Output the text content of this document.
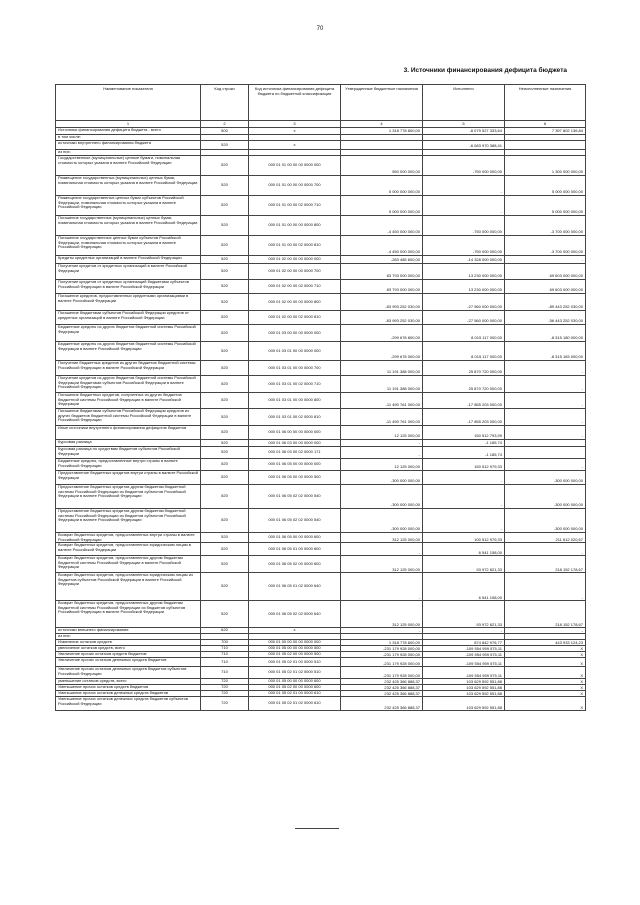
70
3. Источники финансирования дефицита бюджета
Наименование показателя	Код строки	Код источника финансирования дефицита бюджета по бюджетной классификации	Утвержденные бюджетные назначения	Исполнено	Неисполненные назначения
1	2	3	4	5	6
Источники финансирования дефицита бюджета - всего	500	x	1 318 778 800,00	-6 079 527 333,64	7 397 802 136,84
в том числе:					
источники внутреннего финансирования бюджета	520	x		-6 083 970 388,41	
из них:					
Государственные (муниципальные) ценные бумаги, номинальная стоимость которых указана в валюте Российской Федерации	520	000 01 01 00 00 00 0000 000	550 000 000,00	-750 000 000,00	1 300 000 000,00
Размещение государственных (муниципальных) ценных бумаг, номинальная стоимость которых указана в валюте Российской Федерации	520	000 01 01 00 00 00 0000 700	5 000 000 000,00	-	5 000 000 000,00
Размещение государственных ценных бумаг субъектов Российской Федерации, номинальная стоимость которых указана в валюте Российской Федерации	520	000 01 01 00 00 02 0000 710	5 000 000 000,00	-	5 000 000 000,00
Погашение государственных (муниципальных) ценных бумаг, номинальная стоимость которых указана в валюте Российской Федерации	520	000 01 01 00 00 00 0000 800	-4 450 000 000,00	-750 000 000,00	-3 700 000 000,00
Погашение государственных ценных бумаг субъектов Российской Федерации, номинальная стоимость которых указана в валюте Российской Федерации	520	000 01 01 00 00 02 0000 810	-4 450 000 000,00	-750 000 000,00	-3 700 000 000,00
Кредиты кредитных организаций в валюте Российской Федерации	520	000 01 02 00 00 00 0000 000	-283 485 600,00	-14 328 000 000,00	-
Получение кредитов от кредитных организаций в валюте Российской Федерации	520	000 01 02 00 00 00 0000 700	83 793 000 000,00	13 230 000 000,00	69 603 000 000,00
Получение кредитов от кредитных организаций бюджетами субъектов Российской Федерации в валюте Российской Федерации	520	000 01 02 00 00 02 0000 710	83 793 000 000,00	13 230 000 000,00	69 603 000 000,00
Погашение кредитов, предоставленных кредитными организациями в валюте Российской Федерации	520	000 01 02 00 00 00 0000 800	-83 993 252 030,00	-27 560 000 000,00	-89 443 252 030,00
Погашение бюджетами субъектов Российской Федерации кредитов от кредитных организаций в валюте Российской Федерации	520	000 01 02 00 00 02 0000 810	-83 993 252 030,00	-27 560 000 000,00	-56 443 252 030,00
Бюджетные кредиты из других бюджетов бюджетной системы Российской Федерации	520	000 01 03 00 00 00 0000 000	-299 678 800,00	8 015 117 000,00	-8 315 180 000,00
Бюджетные кредиты из других бюджетов бюджетной системы Российской Федерации в валюте Российской Федерации	520	000 01 03 01 00 00 0000 000	-299 678 000,00	8 015 117 000,00	-8 315 183 000,00
Получение бюджетных кредитов из других бюджетов бюджетной системы Российской Федерации в валюте Российской Федерации	520	000 01 03 01 00 00 0000 700	11 191 388 000,00	25 870 720 000,00	-
Получение кредитов из других бюджетов бюджетной системы Российской Федерации бюджетами субъектов Российской Федерации в валюте Российской Федерации	520	000 01 03 01 00 02 0000 710	11 191 388 000,00	25 870 720 000,00	-
Погашение бюджетных кредитов, полученных из других бюджетов бюджетной системы Российской Федерации в валюте Российской Федерации	520	000 01 03 01 00 00 0000 800	-11 490 761 000,00	-17 855 203 000,00	-
Погашение бюджетами субъектов Российской Федерации кредитов из других бюджетов бюджетной системы Российской Федерации в валюте Российской Федерации	520	000 01 03 01 00 02 0000 810	-11 490 761 000,00	-17 855 203 000,00	-
Иные источники внутреннего финансирования дефицитов бюджетов	520	000 01 06 00 00 00 0000 000	12 125 000,00	150 512 793,59	-
Курсовая разница	520	000 01 06 03 00 00 0000 000	-	-1 185,74	
Курсовая разница по средствам бюджетов субъектов Российской Федерации	520	000 01 06 03 00 02 0000 171	-	-1 185,74	
Бюджетные кредиты, предоставленные внутри страны в валюте Российской Федерации	520	000 01 06 05 00 00 0000 000	12 125 000,00	150 512 979,33	-
Предоставление бюджетных кредитов внутри страны в валюте Российской Федерации	520	000 01 06 05 00 00 0000 500	-300 000 000,00	-	-300 000 000,00
Предоставление бюджетных кредитов другим бюджетам бюджетной системы Российской Федерации из бюджетов субъектов Российской Федерации в валюте Российской Федерации	520	000 01 06 05 02 02 0000 540	-300 000 000,00	-	-300 000 000,00
Предоставление бюджетных кредитов другим бюджетам бюджетной системы Российской Федерации из бюджетов субъектов Российской Федерации в валюте Российской Федерации	520	000 01 06 05 02 02 0000 540	-300 000 000,00	-	-300 000 000,00
Возврат бюджетных кредитов, предоставленных внутри страны в валюте Российской Федерации	520	000 01 06 05 00 00 0000 600	312 125 000,00	100 512 979,33	211 612 020,67
Возврат бюджетных кредитов, предоставленных юридическим лицам в валюте Российской Федерации	520	000 01 06 05 01 00 0000 600	-	6 541 158,00	-
Возврат бюджетных кредитов, предоставленных другим бюджетам бюджетной системы Российской Федерации в валюте Российской Федерации	520	000 01 06 05 02 00 0000 600	312 125 000,00	93 972 821,33	218 152 178,67
Возврат бюджетных кредитов, предоставленных юридическим лицам из бюджетов субъектов Российской Федерации в валюте Российской Федерации	520	000 01 06 05 01 02 0000 640	-	6 541 158,00	-
Возврат бюджетных кредитов, предоставленных другим бюджетам бюджетной системы Российской Федерации из бюджетов субъектов Российской Федерации в валюте Российской Федерации	520	000 01 06 05 02 02 0000 640	312 125 000,00	93 972 821,33	218 152 178,67
источники внешнего финансирования	620	x	-	-	-
из них:					
Изменение остатков средств	700	000 01 00 00 00 00 0000 000	1 318 778 800,00	874 842 976,77	443 933 124,23
увеличение остатков средств, всего	710	000 01 05 00 00 00 0000 500	-231 179 928 000,00	-109 554 959 575,11	X
Увеличение прочих остатков средств бюджетов	710	000 01 05 02 00 00 0000 500	-231 179 928 000,00	-109 554 959 575,11	X
Увеличение прочих остатков денежных средств бюджетов	710	000 01 05 02 01 00 0000 510	-231 179 928 000,00	-109 554 959 575,11	X
Увеличение прочих остатков денежных средств бюджетов субъектов Российской Федерации	710	000 01 05 02 01 02 0000 510	-231 179 928 000,00	-109 554 959 575,11	X
уменьшение остатков средств, всего	720	000 01 05 00 00 00 0000 600	232 425 366 888,37	103 629 592 551,88	X
Уменьшение прочих остатков средств бюджетов	720	000 01 05 02 00 00 0000 600	232 425 366 888,37	103 629 592 551,88	X
Уменьшение прочих остатков денежных средств бюджетов	720	000 01 05 02 01 00 0000 610	232 425 366 888,37	103 629 592 551,88	X
Уменьшение прочих остатков денежных средств бюджетов субъектов Российской Федерации	720	000 01 05 02 01 02 0000 610	232 425 366 888,37	103 629 592 551,88	X
